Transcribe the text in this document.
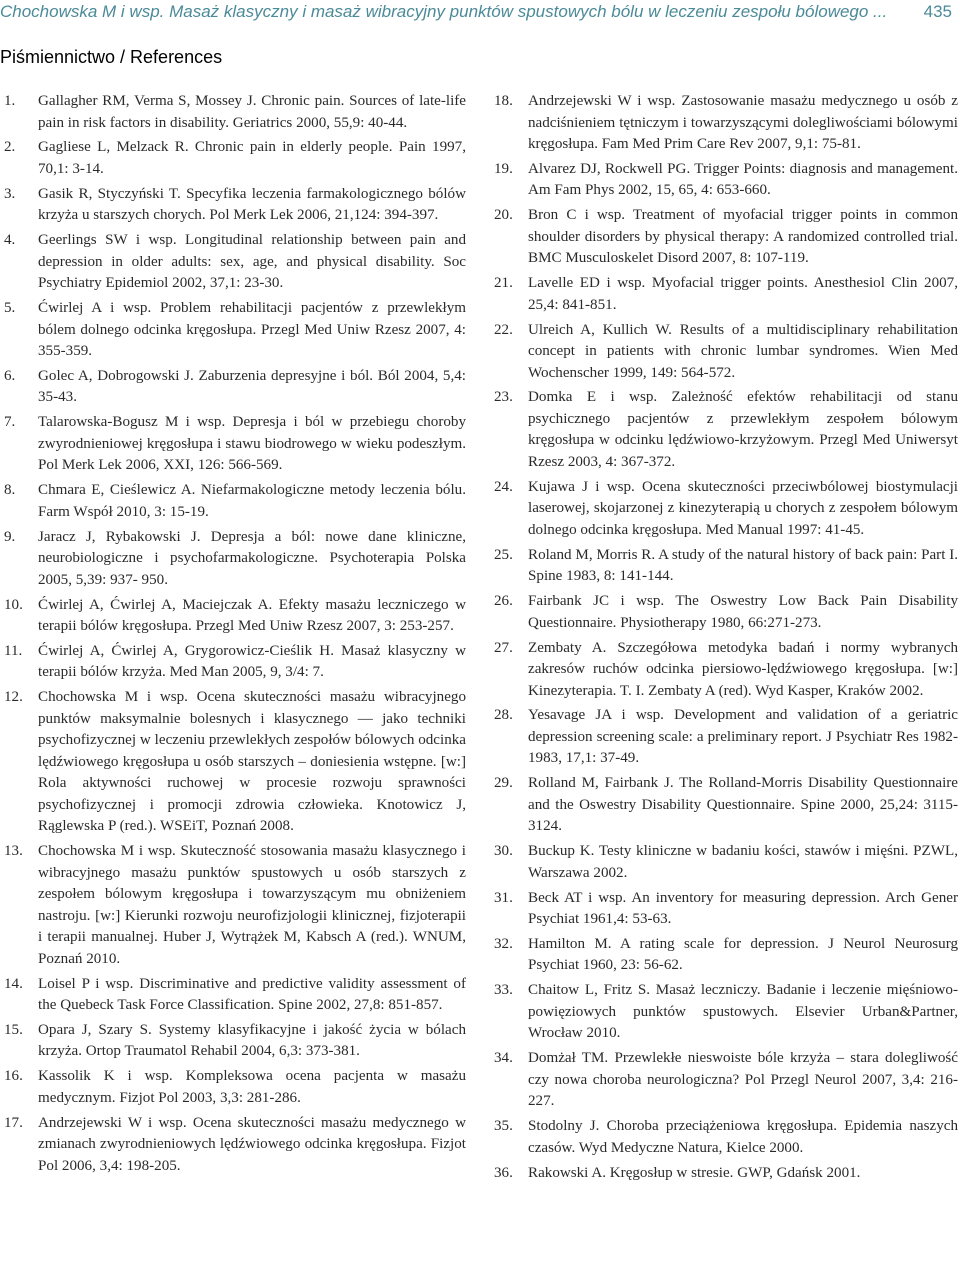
Chochowska M i wsp. Masaż klasyczny i masaż wibracyjny punktów spustowych bólu w leczeniu zespołu bólowego ... 435
Piśmiennictwo / References
1.	Gallagher RM, Verma S, Mossey J. Chronic pain. Sources of late-life pain in risk factors in disability. Geriatrics 2000, 55,9: 40-44.
2.	Gagliese L, Melzack R. Chronic pain in elderly people. Pain 1997, 70,1: 3-14.
3.	Gasik R, Styczyński T. Specyfika leczenia farmakologicznego bólów krzyża u starszych chorych. Pol Merk Lek 2006, 21,124: 394-397.
4.	Geerlings SW i wsp. Longitudinal relationship between pain and depression in older adults: sex, age, and physical disability. Soc Psychiatry Epidemiol 2002, 37,1: 23-30.
5.	Ćwirlej A i wsp. Problem rehabilitacji pacjentów z przewlekłym bólem dolnego odcinka kręgosłupa. Przegl Med Uniw Rzesz 2007, 4: 355-359.
6.	Golec A, Dobrogowski J. Zaburzenia depresyjne i ból. Ból 2004, 5,4: 35-43.
7.	Talarowska-Bogusz M i wsp. Depresja i ból w przebiegu choroby zwyrodnieniowej kręgosłupa i stawu biodrowego w wieku podeszłym. Pol Merk Lek 2006, XXI, 126: 566-569.
8.	Chmara E, Cieślewicz A. Niefarmakologiczne metody leczenia bólu. Farm Współ 2010, 3: 15-19.
9.	Jaracz J, Rybakowski J. Depresja a ból: nowe dane kliniczne, neurobiologiczne i psychofarmakologiczne. Psychoterapia Polska 2005, 5,39: 937- 950.
10.	Ćwirlej A, Ćwirlej A, Maciejczak A. Efekty masażu leczniczego w terapii bólów kręgosłupa. Przegl Med Uniw Rzesz 2007, 3: 253-257.
11.	Ćwirlej A, Ćwirlej A, Grygorowicz-Cieślik H. Masaż klasyczny w terapii bólów krzyża. Med Man 2005, 9, 3/4: 7.
12.	Chochowska M i wsp. Ocena skuteczności masażu wibracyjnego punktów maksymalnie bolesnych i klasycznego — jako techniki psychofizycznej w leczeniu przewlekłych zespołów bólowych odcinka lędźwiowego kręgosłupa u osób starszych – doniesienia wstępne. [w:] Rola aktywności ruchowej w procesie rozwoju sprawności psychofizycznej i promocji zdrowia człowieka. Knotowicz J, Rąglewska P (red.). WSEiT, Poznań 2008.
13.	Chochowska M i wsp. Skuteczność stosowania masażu klasycznego i wibracyjnego masażu punktów spustowych u osób starszych z zespołem bólowym kręgosłupa i towarzyszącym mu obniżeniem nastroju. [w:] Kierunki rozwoju neurofizjologii klinicznej, fizjoterapii i terapii manualnej. Huber J, Wytrążek M, Kabsch A (red.). WNUM, Poznań 2010.
14.	Loisel P i wsp. Discriminative and predictive validity assessment of the Quebeck Task Force Classification. Spine 2002, 27,8: 851-857.
15.	Opara J, Szary S. Systemy klasyfikacyjne i jakość życia w bólach krzyża. Ortop Traumatol Rehabil 2004, 6,3: 373-381.
16.	Kassolik K i wsp. Kompleksowa ocena pacjenta w masażu medycznym. Fizjot Pol 2003, 3,3: 281-286.
17.	Andrzejewski W i wsp. Ocena skuteczności masażu medycznego w zmianach zwyrodnieniowych lędźwiowego odcinka kręgosłupa. Fizjot Pol 2006, 3,4: 198-205.
18.	Andrzejewski W i wsp. Zastosowanie masażu medycznego u osób z nadciśnieniem tętniczym i towarzyszącymi dolegliwościami bólowymi kręgosłupa. Fam Med Prim Care Rev 2007, 9,1: 75-81.
19.	Alvarez DJ, Rockwell PG. Trigger Points: diagnosis and management. Am Fam Phys 2002, 15, 65, 4: 653-660.
20.	Bron C i wsp. Treatment of myofacial trigger points in common shoulder disorders by physical therapy: A randomized controlled trial. BMC Musculoskelet Disord 2007, 8: 107-119.
21.	Lavelle ED i wsp. Myofacial trigger points. Anesthesiol Clin 2007, 25,4: 841-851.
22.	Ulreich A, Kullich W. Results of a multidisciplinary rehabilitation concept in patients with chronic lumbar syndromes. Wien Med Wochenscher 1999, 149: 564-572.
23.	Domka E i wsp. Zależność efektów rehabilitacji od stanu psychicznego pacjentów z przewlekłym zespołem bólowym kręgosłupa w odcinku lędźwiowo-krzyżowym. Przegl Med Uniwersyt Rzesz 2003, 4: 367-372.
24.	Kujawa J i wsp. Ocena skuteczności przeciwbólowej biostymulacji laserowej, skojarzonej z kinezyterapią u chorych z zespołem bólowym dolnego odcinka kręgosłupa. Med Manual 1997: 41-45.
25.	Roland M, Morris R. A study of the natural history of back pain: Part I. Spine 1983, 8: 141-144.
26.	Fairbank JC i wsp. The Oswestry Low Back Pain Disability Questionnaire. Physiotherapy 1980, 66:271-273.
27.	Zembaty A. Szczegółowa metodyka badań i normy wybranych zakresów ruchów odcinka piersiowo-lędźwiowego kręgosłupa. [w:] Kinezyterapia. T. I. Zembaty A (red). Wyd Kasper, Kraków 2002.
28.	Yesavage JA i wsp. Development and validation of a geriatric depression screening scale: a preliminary report. J Psychiatr Res 1982-1983, 17,1: 37-49.
29.	Rolland M, Fairbank J. The Rolland-Morris Disability Questionnaire and the Oswestry Disability Questionnaire. Spine 2000, 25,24: 3115-3124.
30.	Buckup K. Testy kliniczne w badaniu kości, stawów i mięśni. PZWL, Warszawa 2002.
31.	Beck AT i wsp. An inventory for measuring depression. Arch Gener Psychiat 1961,4: 53-63.
32.	Hamilton M. A rating scale for depression. J Neurol Neurosurg Psychiat 1960, 23: 56-62.
33.	Chaitow L, Fritz S. Masaż leczniczy. Badanie i leczenie mięśniowo-powięziowych punktów spustowych. Elsevier Urban&Partner, Wrocław 2010.
34.	Domżał TM. Przewlekłe nieswoiste bóle krzyża – stara dolegliwość czy nowa choroba neurologiczna? Pol Przegl Neurol 2007, 3,4: 216-227.
35.	Stodolny J. Choroba przeciążeniowa kręgosłupa. Epidemia naszych czasów. Wyd Medyczne Natura, Kielce 2000.
36.	Rakowski A. Kręgosłup w stresie. GWP, Gdańsk 2001.
